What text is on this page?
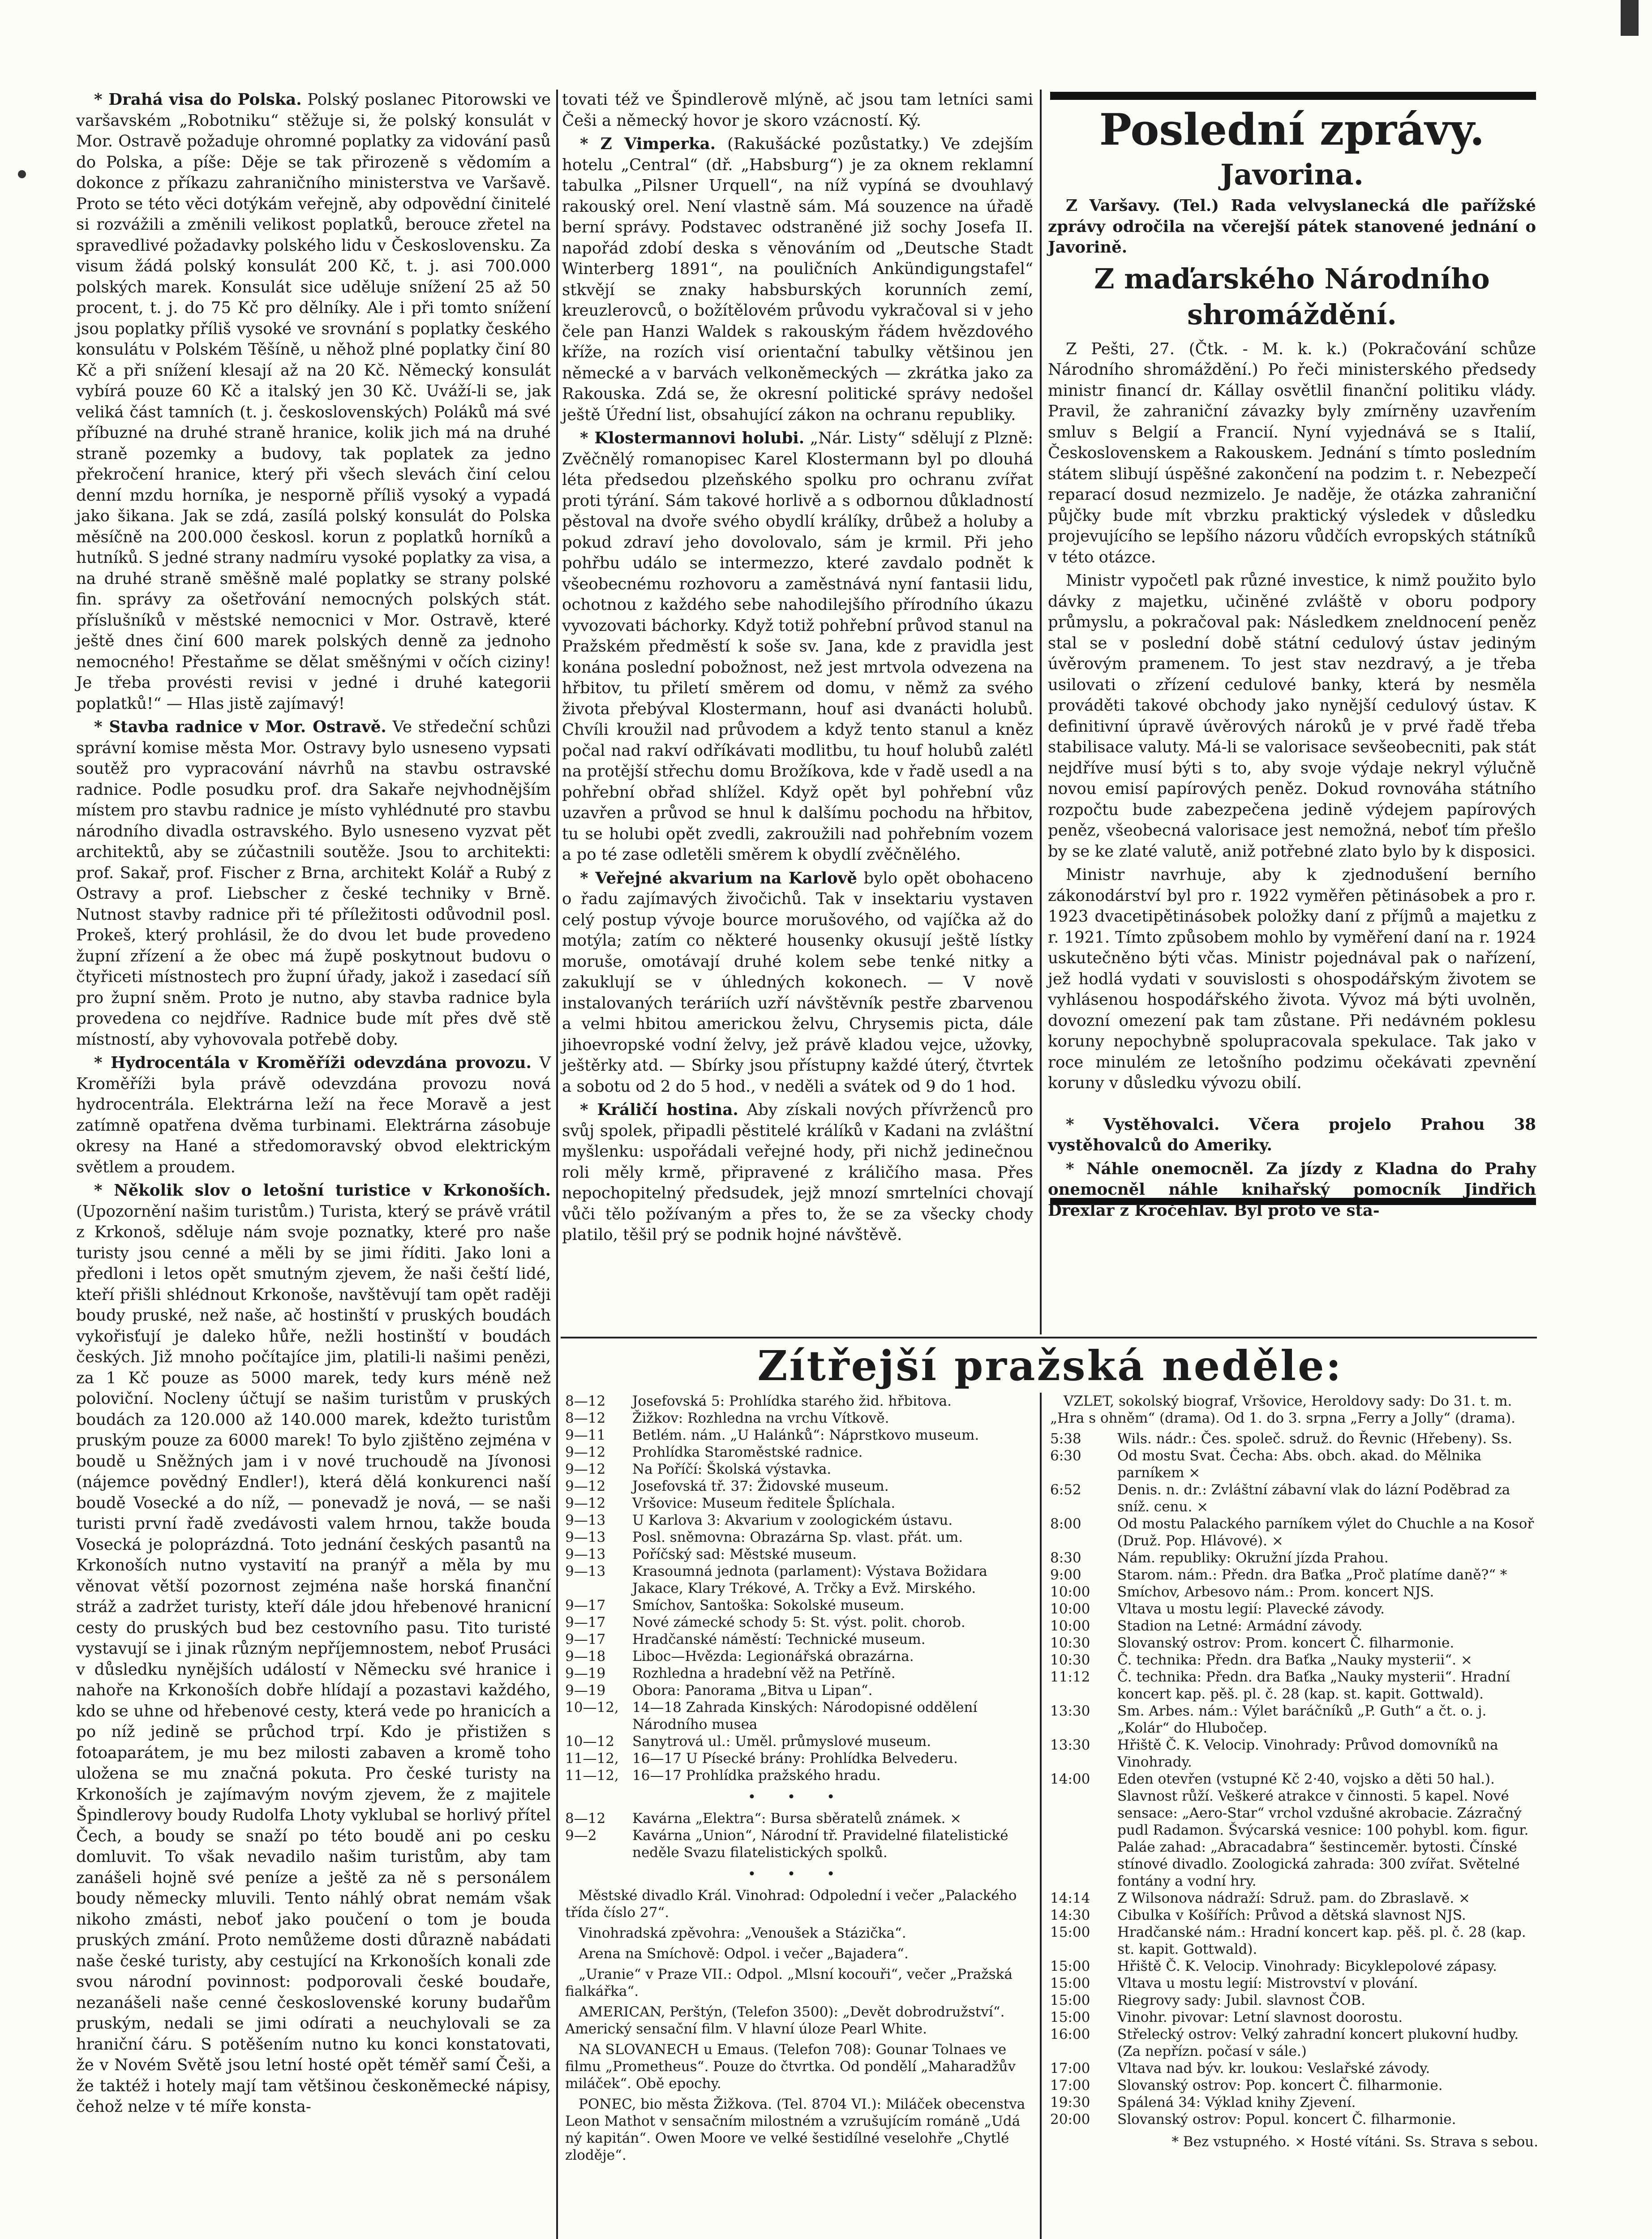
* Drahá visa do Polska. Polský poslanec Pitorowski ve varšavském „Robotniku“ stěžuje si, že polský konsulát v Mor. Ostravě požaduje ohromné poplatky za vidování pasů do Polska, a píše: Děje se tak přirozeně s vědomím a dokonce z příkazu zahraničního ministerstva ve Varšavě. Proto se této věci dotýkám veřejně, aby odpovědní činitelé si rozvážili a změnili velikost poplatků, berouce zřetel na spravedlivé požadavky polského lidu v Československu. Za visum žádá polský konsulát 200 Kč, t. j. asi 700.000 polských marek. Konsulát sice uděluje snížení 25 až 50 procent, t. j. do 75 Kč pro dělníky. Ale i při tomto snížení jsou poplatky příliš vysoké ve srovnání s poplatky českého konsulátu v Polském Těšíně, u něhož plné poplatky činí 80 Kč a při snížení klesají až na 20 Kč. Německý konsulát vybírá pouze 60 Kč a italský jen 30 Kč. Uváží-li se, jak veliká část tamních (t. j. československých) Poláků má své příbuzné na druhé straně hranice, kolik jich má na druhé straně pozemky a budovy, tak poplatek za jedno překročení hranice, který při všech slevách činí celou denní mzdu horníka, je nesporně příliš vysoký a vypadá jako šikana. Jak se zdá, zasílá polský konsulát do Polska měsíčně na 200.000 českosl. korun z poplatků horníků a hutníků. S jedné strany nadmíru vysoké poplatky za visa, a na druhé straně směšně malé poplatky se strany polské fin. správy za ošetřování nemocných polských stát. příslušníků v městské nemocnici v Mor. Ostravě, které ještě dnes činí 600 marek polských denně za jednoho nemocného! Přestaňme se dělat směšnými v očích ciziny! Je třeba provésti revisi v jedné i druhé kategorii poplatků!“ — Hlas jistě zajímavý!

* Stavba radnice v Mor. Ostravě. Ve středeční schůzi správní komise města Mor. Ostravy bylo usneseno vypsati soutěž pro vypracování návrhů na stavbu ostravské radnice. Podle posudku prof. dra Sakaře nejvhodnějším místem pro stavbu radnice je místo vyhlédnuté pro stavbu národního divadla ostravského. Bylo usneseno vyzvat pět architektů, aby se zúčastnili soutěže. Jsou to architekti: prof. Sakař, prof. Fischer z Brna, architekt Kolář a Rubý z Ostravy a prof. Liebscher z české techniky v Brně. Nutnost stavby radnice při té příležitosti odůvodnil posl. Prokeš, který prohlásil, že do dvou let bude provedeno župní zřízení a že obec má župě poskytnout budovu o čtyřiceti místnostech pro župní úřady, jakož i zasedací síň pro župní sněm. Proto je nutno, aby stavba radnice byla provedena co nejdříve. Radnice bude mít přes dvě stě místností, aby vyhovovala potřebě doby.

* Hydrocentála v Kroměříži odevzdána provozu. V Kroměříži byla právě odevzdána provozu nová hydrocentrála. Elektrárna leží na řece Moravě a jest zatímně opatřena dvěma turbinami. Elektrárna zásobuje okresy na Hané a středomoravský obvod elektrickým světlem a proudem.

* Několik slov o letošní turistice v Krkonoších. (Upozornění našim turistům.) Turista, který se právě vrátil z Krkonoš, sděluje nám svoje poznatky, které pro naše turisty jsou cenné a měli by se jimi říditi. Jako loni a předloni i letos opět smutným zjevem, že naši čeští lidé, kteří přišli shlédnout Krkonoše, navštěvují tam opět raději boudy pruské, než naše, ač hostinští v pruských boudách vykořisťují je daleko hůře, nežli hostinští v boudách českých. Již mnoho počítajíce jim, platili-li našimi penězi, za 1 Kč pouze as 5000 marek, tedy kurs méně než poloviční. Nocleny účtují se našim turistům v pruských boudách za 120.000 až 140.000 marek, kdežto turistům pruským pouze za 6000 marek! To bylo zjištěno zejména v boudě u Sněžných jam i v nové truchoudě na Jívonosi (nájemce povědný Endler!), která dělá konkurenci naší boudě Vosecké a do níž, — ponevadž je nová, — se naši turisti první řadě zvedávosti valem hrnou, takže bouda Vosecká je poloprázdná. Toto jednání českých pasantů na Krkonoších nutno vystavití na pranýř a měla by mu věnovat větší pozornost zejména naše horská finanční stráž a zadržet turisty, kteří dále jdou hřebenové hranicní cesty do pruských bud bez cestovního pasu. Tito turisté vystavují se i jinak různým nepříjemnostem, neboť Prusáci v důsledku nynějších událostí v Německu své hranice i nahoře na Krkonoších dobře hlídají a pozastavi každého, kdo se uhne od hřebenové cesty, která vede po hranicích a po níž jedině se průchod trpí. Kdo je přistižen s fotoaparátem, je mu bez milosti zabaven a kromě toho uložena se mu značná pokuta. Pro české turisty na Krkonoších je zajímavým novým zjevem, že z majitele Špindlerovy boudy Rudolfa Lhoty vyklubal se horlivý přítel Čech, a boudy se snaží po této boudě ani po cesku domluvit. To však nevadilo našim turistům, aby tam zanášeli hojně své peníze a ještě za ně s personálem boudy německy mluvili. Tento náhlý obrat nemám však nikoho zmásti, neboť jako poučení o tom je bouda pruských zmání. Proto nemůžeme dosti důrazně nabádati naše české turisty, aby cestující na Krkonoších konali zde svou národní povinnost: podporovali české boudaře, nezanášeli naše cenné československé koruny budařům pruským, nedali se jimi odírati a neuchylovali se za hraniční čáru. S potěšením nutno ku konci konstatovati, že v Novém Světě jsou letní hosté opět téměř samí Češi, a že taktéž i hotely mají tam většinou českoněmecké nápisy, čehož nelze v té míře konsta-

tovati též ve Špindlerově mlýně, ač jsou tam letníci sami Češi a německý hovor je skoro vzácností. Ký.

* Z Vimperka. (Rakušácké pozůstatky.) Ve zdejším hotelu „Central“ (dř. „Habsburg“) je za oknem reklamní tabulka „Pilsner Urquell“, na níž vypíná se dvouhlavý rakouský orel. Není vlastně sám. Má souzence na úřadě berní správy. Podstavec odstraněné již sochy Josefa II. napořád zdobí deska s věnováním od „Deutsche Stadt Winterberg 1891“, na pouličních Ankündigungstafel“ stkvějí se znaky habsburských korunních zemí, kreuzlerovců, o božítělovém průvodu vykračoval si v jeho čele pan Hanzi Waldek s rakouským řádem hvězdového kříže, na rozích visí orientační tabulky většinou jen německé a v barvách velkoněmeckých — zkrátka jako za Rakouska. Zdá se, že okresní politické správy nedošel ještě Úřední list, obsahující zákon na ochranu republiky.

* Klostermannovi holubi. „Nár. Listy“ sdělují z Plzně: Zvěčnělý romanopisec Karel Klostermann byl po dlouhá léta předsedou plzeňského spolku pro ochranu zvířat proti týrání. Sám takové horlivě a s odbornou důkladností pěstoval na dvoře svého obydlí králíky, drůbež a holuby a pokud zdraví jeho dovolovalo, sám je krmil. Při jeho pohřbu událo se intermezzo, které zavdalo podnět k všeobecnému rozhovoru a zaměstnává nyní fantasii lidu, ochotnou z každého sebe nahodilejšího přírodního úkazu vyvozovati báchorky. Když totiž pohřební průvod stanul na Pražském předměstí k soše sv. Jana, kde z pravidla jest konána poslední pobožnost, než jest mrtvola odvezena na hřbitov, tu přiletí směrem od domu, v němž za svého života přebýval Klostermann, houf asi dvanácti holubů. Chvíli kroužil nad průvodem a když tento stanul a kněz počal nad rakví odříkávati modlitbu, tu houf holubů zalétl na protější střechu domu Brožíkova, kde v řadě usedl a na pohřební obřad shlížel. Když opět byl pohřební vůz uzavřen a průvod se hnul k dalšímu pochodu na hřbitov, tu se holubi opět zvedli, zakroužili nad pohřebním vozem a po té zase odletěli směrem k obydlí zvěčnělého.

* Veřejné akvarium na Karlově bylo opět obohaceno o řadu zajímavých živočichů. Tak v insektariu vystaven celý postup vývoje bource morušového, od vajíčka až do motýla; zatím co některé housenky okusují ještě lístky moruše, omotávají druhé kolem sebe tenké nitky a zakuklují se v úhledných kokonech. — V nově instalovaných teráriích uzří návštěvník pestře zbarvenou a velmi hbitou americkou želvu, Chrysemis picta, dále jihoevropské vodní želvy, jež právě kladou vejce, užovky, ještěrky atd. — Sbírky jsou přístupny každé úterý, čtvrtek a sobotu od 2 do 5 hod., v neděli a svátek od 9 do 1 hod.

* Králičí hostina. Aby získali nových přívrženců pro svůj spolek, připadli pěstitelé králíků v Kadani na zvláštní myšlenku: uspořádali veřejné hody, při nichž jedinečnou roli měly krmě, připravené z králičího masa. Přes nepochopitelný předsudek, jejž mnozí smrtelníci chovají vůči tělo požívaným a přes to, že se za všecky chody platilo, těšil prý se podnik hojné návštěvě.

Poslední zprávy.
Javorina.

Z Varšavy. (Tel.) Rada velvyslanecká dle pařížské zprávy odročila na včerejší pátek stanovené jednání o Javorině.

Z maďarského Národního shromáždění.

Z Pešti, 27. (Čtk. - M. k. k.) (Pokračování schůze Národního shromáždění.) Po řeči ministerského předsedy ministr financí dr. Kállay osvětlil finanční politiku vlády. Pravil, že zahraniční závazky byly zmírněny uzavřením smluv s Belgií a Francií. Nyní vyjednává se s Italií, Československem a Rakouskem. Jednání s tímto posledním státem slibují úspěšné zakončení na podzim t. r. Nebezpečí reparací dosud nezmizelo. Je naděje, že otázka zahraniční půjčky bude mít vbrzku praktický výsledek v důsledku projevujícího se lepšího názoru vůdčích evropských státníků v této otázce.

Ministr vypočetl pak různé investice, k nimž použito bylo dávky z majetku, učiněné zvláště v oboru podpory průmyslu, a pokračoval pak: Následkem zneldnocení peněz stal se v poslední době státní cedulový ústav jediným úvěrovým pramenem. To jest stav nezdravý, a je třeba usilovati o zřízení cedulové banky, která by nesměla prováděti takové obchody jako nynější cedulový ústav. K definitivní úpravě úvěrových nároků je v prvé řadě třeba stabilisace valuty. Má-li se valorisace sevšeobecniti, pak stát nejdříve musí býti s to, aby svoje výdaje nekryl výlučně novou emisí papírových peněz. Dokud rovnováha státního rozpočtu bude zabezpečena jedině výdejem papírových peněz, všeobecná valorisace jest nemožná, neboť tím přešlo by se ke zlaté valutě, aniž potřebné zlato bylo by k disposici.

Ministr navrhuje, aby k zjednodušení berního zákonodárství byl pro r. 1922 vyměřen pětinásobek a pro r. 1923 dvacetipětinásobek položky daní z příjmů a majetku z r. 1921. Tímto způsobem mohlo by vyměření daní na r. 1924 uskutečněno býti včas. Ministr pojednával pak o nařízení, jež hodlá vydati v souvislosti s ohospodářským životem se vyhlásenou hospodářského života. Vývoz má býti uvolněn, dovozní omezení pak tam zůstane. Při nedávném poklesu koruny nepochybně spolupracovala spekulace. Tak jako v roce minulém ze letošního podzimu očekávati zpevnění koruny v důsledku vývozu obilí.

* Vystěhovalci. Včera projelo Prahou 38 vystěhovalců do Ameriky.

* Náhle onemocněl. Za jízdy z Kladna do Prahy onemocněl náhle knihařský pomocník Jindřich Drexlar z Kročehlav. Byl proto ve sta-

Zítřejší pražská neděle:
8—12	Josefovská 5: Prohlídka starého žid. hřbitova.
8—12	Žižkov: Rozhledna na vrchu Vítkově.
9—11	Betlém. nám. „U Halánků“: Náprstkovo museum.
9—12	Prohlídka Staroměstské radnice.
9—12	Na Poříčí: Školská výstavka.
9—12	Josefovská tř. 37: Židovské museum.
9—12	Vršovice: Museum ředitele Šplíchala.
9—13	U Karlova 3: Akvarium v zoologickém ústavu.
9—13	Posl. sněmovna: Obrazárna Sp. vlast. přát. um.
9—13	Poříčský sad: Městské museum.
9—13	Krasoumná jednota (parlament): Výstava Božidara Jakace, Klary Trékové, A. Trčky a Evž. Mirského.
9—17	Smíchov, Santoška: Sokolské museum.
9—17	Nové zámecké schody 5: St. výst. polit. chorob.
9—17	Hradčanské náměstí: Technické museum.
9—18	Liboc—Hvězda: Legionářská obrazárna.
9—19	Rozhledna a hradební věž na Petříně.
9—19	Obora: Panorama „Bitva u Lipan“.
10—12, 14—18 Zahrada Kinských: Národopisné oddělení Národního musea
10—12	Sanytrová ul.: Uměl. průmyslové museum.
11—12, 16—17 U Písecké brány: Prohlídka Belvederu.
11—12, 16—17 Prohlídka pražského hradu.
• • •
8—12	Kavárna „Elektra“: Bursa sběratelů známek. ×
9—2	Kavárna „Union“, Národní tř. Pravidelné filatelistické neděle Svazu filatelistických spolků.
• • •

Městské divadlo Král. Vinohrad: Odpolední i večer „Palackého třída číslo 27“.

Vinohradská zpěvohra: „Venoušek a Stázička“.

Arena na Smíchově: Odpol. i večer „Bajadera“.

„Uranie“ v Praze VII.: Odpol. „Mlsní kocouři“, večer „Pražská fialkářka“.

AMERICAN, Perštýn, (Telefon 3500): „Devět dobrodružství“. Americký sensační film. V hlavní úloze Pearl White.

NA SLOVANECH u Emaus. (Telefon 708): Gounar Tolnaes ve filmu „Prometheus“. Pouze do čtvrtka. Od pondělí „Maharadžův miláček“. Obě epochy.

PONEC, bio města Žižkova. (Tel. 8704 VI.): Miláček obecenstva Leon Mathot v sensačním milostném a vzrušujícím románě „Udá ný kapitán“. Owen Moore ve velké šestidílné veselohře „Chytlé zloděje“.

VZLET, sokolský biograf, Vršovice, Heroldovy sady: Do 31. t. m. „Hra s ohněm“ (drama). Od 1. do 3. srpna „Ferry a Jolly“ (drama).

5:38	Wils. nádr.: Čes. společ. sdruž. do Řevnic (Hřebeny). Ss.
6:30	Od mostu Svat. Čecha: Abs. obch. akad. do Mělnika parníkem ×
6:52	Denis. n. dr.: Zvláštní zábavní vlak do lázní Poděbrad za sníž. cenu. ×
8:00	Od mostu Palackého parníkem výlet do Chuchle a na Kosoř (Druž. Pop. Hlávové). ×
8:30	Nám. republiky: Okružní jízda Prahou.
9:00	Starom. nám.: Předn. dra Baťka „Proč platíme daně?“ *
10:00	Smíchov, Arbesovo nám.: Prom. koncert NJS.
10:00	Vltava u mostu legií: Plavecké závody.
10:00	Stadion na Letné: Armádní závody.
10:30	Slovanský ostrov: Prom. koncert Č. filharmonie.
10:30	Č. technika: Předn. dra Baťka „Nauky mysterii“. ×
11:12	Č. technika: Předn. dra Baťka „Nauky mysterii“. Hradní koncert kap. pěš. pl. č. 28 (kap. st. kapit. Gottwald).
13:30	Sm. Arbes. nám.: Výlet baráčníků „P. Guth“ a čt. o. j. „Kolár“ do Hlubočep.
13:30	Hřiště Č. K. Velocip. Vinohrady: Průvod domovníků na Vinohrady.
14:00	Eden otevřen (vstupné Kč 2·40, vojsko a děti 50 hal.). Slavnost růží. Veškeré atrakce v činnosti. 5 kapel. Nové sensace: „Aero-Star“ vrchol vzdušné akrobacie. Zázračný pudl Radamon. Švýcarská vesnice: 100 pohybl. kom. figur. Paláe zahad: „Abracadabra“ šestinceměr. bytosti. Čínské stínové divadlo. Zoologická zahrada: 300 zvířat. Světelné fontány a vodní hry.
14:14	Z Wilsonova nádraží: Sdruž. pam. do Zbraslavě. ×
14:30	Cibulka v Košířích: Průvod a dětská slavnost NJS.
15:00	Hradčanské nám.: Hradní koncert kap. pěš. pl. č. 28 (kap. st. kapit. Gottwald).
15:00	Hřiště Č. K. Velocip. Vinohrady: Bicyklepolové zápasy.
15:00	Vltava u mostu legií: Mistrovství v plování.
15:00	Riegrovy sady: Jubil. slavnost ČOB.
15:00	Vinohr. pivovar: Letní slavnost doorostu.
16:00	Střelecký ostrov: Velký zahradní koncert plukovní hudby. (Za nepřízn. počasí v sále.)
17:00	Vltava nad býv. kr. loukou: Veslařské závody.
17:00	Slovanský ostrov: Pop. koncert Č. filharmonie.
19:30	Spálená 34: Výklad knihy Zjevení.
20:00	Slovanský ostrov: Popul. koncert Č. filharmonie.
* Bez vstupného. × Hosté vítáni. Ss. Strava s sebou.
